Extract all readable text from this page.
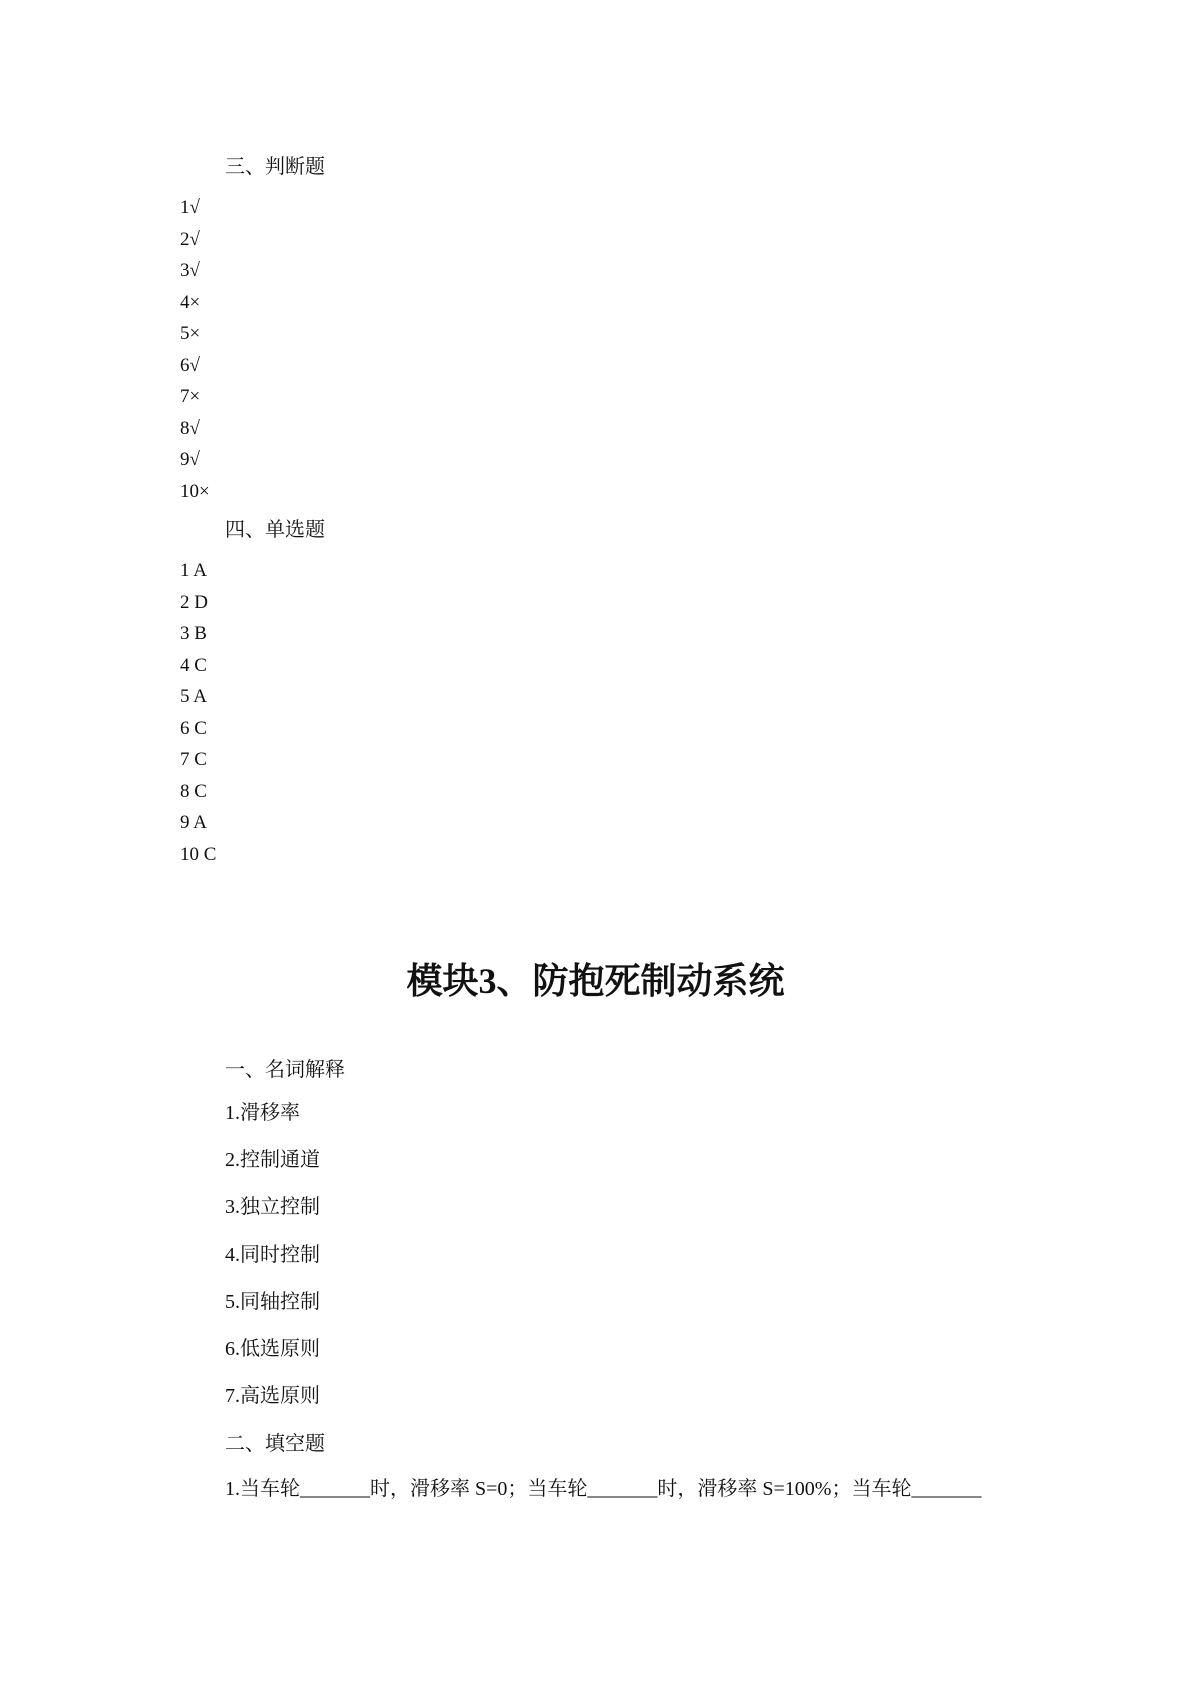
三、判断题
1√
2√
3√
4×
5×
6√
7×
8√
9√
10×
四、单选题
1 A
2 D
3 B
4 C
5 A
6 C
7 C
8 C
9 A
10 C
模块3、防抱死制动系统
一、名词解释
1.滑移率
2.控制通道
3.独立控制
4.同时控制
5.同轴控制
6.低选原则
7.高选原则
二、填空题
1.当车轮_______时，滑移率 S=0；当车轮_______时，滑移率 S=100%；当车轮_______
